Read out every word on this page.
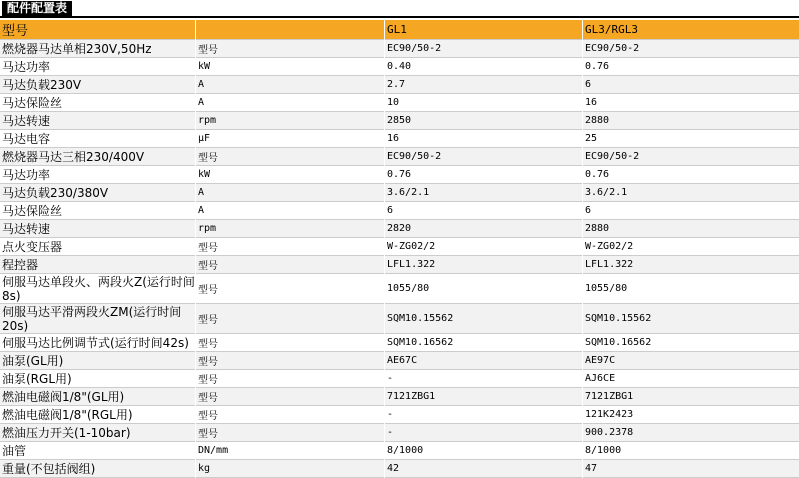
配件配置表
型号		GL1	GL3/RGL3
燃烧器马达单相230V,50Hz	型号	EC90/50-2	EC90/50-2
马达功率	kW	0.40	0.76
马达负载230V	A	2.7	6
马达保险丝	A	10	16
马达转速	rpm	2850	2880
马达电容	μF	16	25
燃烧器马达三相230/400V	型号	EC90/50-2	EC90/50-2
马达功率	kW	0.76	0.76
马达负载230/380V	A	3.6/2.1	3.6/2.1
马达保险丝	A	6	6
马达转速	rpm	2820	2880
点火变压器	型号	W-ZG02/2	W-ZG02/2
程控器	型号	LFL1.322	LFL1.322
伺服马达单段火、两段火Z(运行时间8s)	型号	1055/80	1055/80
伺服马达平滑两段火ZM(运行时间20s)	型号	SQM10.15562	SQM10.15562
伺服马达比例调节式(运行时间42s)	型号	SQM10.16562	SQM10.16562
油泵(GL用)	型号	AE67C	AE97C
油泵(RGL用)	型号	-	AJ6CE
燃油电磁阀1/8"(GL用)	型号	7121ZBG1	7121ZBG1
燃油电磁阀1/8"(RGL用)	型号	-	121K2423
燃油压力开关(1-10bar)	型号	-	900.2378
油管	DN/mm	8/1000	8/1000
重量(不包括阀组)	kg	42	47
